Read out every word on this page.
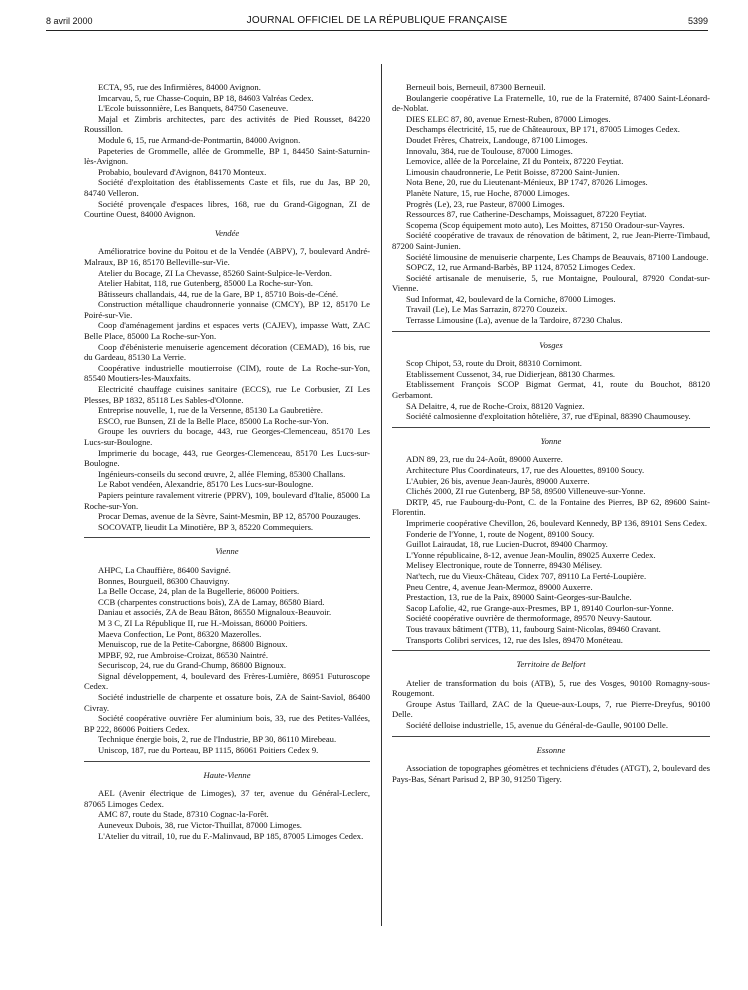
8 avril 2000	JOURNAL OFFICIEL DE LA RÉPUBLIQUE FRANÇAISE	5399

ECTA, 95, rue des Infirmières, 84000 Avignon.

Imcarvau, 5, rue Chasse-Coquin, BP 18, 84603 Valréas Cedex.

L'Ecole buissonnière, Les Banquets, 84750 Caseneuve.

Majal et Zimbris architectes, parc des activités de Pied Rousset, 84220 Roussillon.

Module 6, 15, rue Armand-de-Pontmartin, 84000 Avignon.

Papeteries de Grommelle, allée de Grommelle, BP 1, 84450 Saint-Saturnin-lès-Avignon.

Probabio, boulevard d'Avignon, 84170 Monteux.

Société d'exploitation des établissements Caste et fils, rue du Jas, BP 20, 84740 Velleron.

Société provençale d'espaces libres, 168, rue du Grand-Gigognan, ZI de Courtine Ouest, 84000 Avignon.

Vendée

Amélioratrice bovine du Poitou et de la Vendée (ABPV), 7, boulevard André-Malraux, BP 16, 85170 Belleville-sur-Vie.

Atelier du Bocage, ZI La Chevasse, 85260 Saint-Sulpice-le-Verdon.

Atelier Habitat, 118, rue Gutenberg, 85000 La Roche-sur-Yon.

Bâtisseurs challandais, 44, rue de la Gare, BP 1, 85710 Bois-de-Céné.

Construction métallique chaudronnerie yonnaise (CMCY), BP 12, 85170 Le Poiré-sur-Vie.

Coop d'aménagement jardins et espaces verts (CAJEV), impasse Watt, ZAC Belle Place, 85000 La Roche-sur-Yon.

Coop d'ébénisterie menuiserie agencement décoration (CEMAD), 16 bis, rue du Gardeau, 85130 La Verrie.

Coopérative industrielle moutierroise (CIM), route de La Roche-sur-Yon, 85540 Moutiers-les-Mauxfaits.

Electricité chauffage cuisines sanitaire (ECCS), rue Le Corbusier, ZI Les Plesses, BP 1832, 85118 Les Sables-d'Olonne.

Entreprise nouvelle, 1, rue de la Versenne, 85130 La Gaubretière.

ESCO, rue Bunsen, ZI de la Belle Place, 85000 La Roche-sur-Yon.

Groupe les ouvriers du bocage, 443, rue Georges-Clemenceau, 85170 Les Lucs-sur-Boulogne.

Imprimerie du bocage, 443, rue Georges-Clemenceau, 85170 Les Lucs-sur-Boulogne.

Ingénieurs-conseils du second œuvre, 2, allée Fleming, 85300 Challans.

Le Rabot vendéen, Alexandrie, 85170 Les Lucs-sur-Boulogne.

Papiers peinture ravalement vitrerie (PPRV), 109, boulevard d'Italie, 85000 La Roche-sur-Yon.

Procar Demas, avenue de la Sèvre, Saint-Mesmin, BP 12, 85700 Pouzauges.

SOCOVATP, lieudit La Minotière, BP 3, 85220 Commequiers.

Vienne

AHPC, La Chauffière, 86400 Savigné.

Bonnes, Bourgueil, 86300 Chauvigny.

La Belle Occase, 24, plan de la Bugellerie, 86000 Poitiers.

CCB (charpentes constructions bois), ZA de Lamay, 86580 Biard.

Daniau et associés, ZA de Beau Bâton, 86550 Mignaloux-Beauvoir.

M 3 C, ZI La République II, rue H.-Moissan, 86000 Poitiers.

Maeva Confection, Le Pont, 86320 Mazerolles.

Menuiscop, rue de la Petite-Caborgne, 86800 Bignoux.

MPBF, 92, rue Ambroise-Croizat, 86530 Naintré.

Securiscop, 24, rue du Grand-Chump, 86800 Bignoux.

Signal développement, 4, boulevard des Frères-Lumière, 86951 Futuroscope Cedex.

Société industrielle de charpente et ossature bois, ZA de Saint-Saviol, 86400 Civray.

Société coopérative ouvrière Fer aluminium bois, 33, rue des Petites-Vallées, BP 222, 86006 Poitiers Cedex.

Technique énergie bois, 2, rue de l'Industrie, BP 30, 86110 Mirebeau.

Uniscop, 187, rue du Porteau, BP 1115, 86061 Poitiers Cedex 9.

Haute-Vienne

AEL (Avenir électrique de Limoges), 37 ter, avenue du Général-Leclerc, 87065 Limoges Cedex.

AMC 87, route du Stade, 87310 Cognac-la-Forêt.

Auneveux Dubois, 38, rue Victor-Thuillat, 87000 Limoges.

L'Atelier du vitrail, 10, rue du F.-Malinvaud, BP 185, 87005 Limoges Cedex.

Berneuil bois, Berneuil, 87300 Berneuil.

Boulangerie coopérative La Fraternelle, 10, rue de la Fraternité, 87400 Saint-Léonard-de-Noblat.

DIES ELEC 87, 80, avenue Ernest-Ruben, 87000 Limoges.

Deschamps électricité, 15, rue de Châteauroux, BP 171, 87005 Limoges Cedex.

Doudet Frères, Chatreix, Landouge, 87100 Limoges.

Innovalu, 384, rue de Toulouse, 87000 Limoges.

Lemovice, allée de la Porcelaine, ZI du Ponteix, 87220 Feytiat.

Limousin chaudronnerie, Le Petit Boisse, 87200 Saint-Junien.

Nota Bene, 20, rue du Lieutenant-Ménieux, BP 1747, 87026 Limoges.

Planète Nature, 15, rue Hoche, 87000 Limoges.

Progrès (Le), 23, rue Pasteur, 87000 Limoges.

Ressources 87, rue Catherine-Deschamps, Moissaguet, 87220 Feytiat.

Scopema (Scop équipement moto auto), Les Moittes, 87150 Oradour-sur-Vayres.

Société coopérative de travaux de rénovation de bâtiment, 2, rue Jean-Pierre-Timbaud, 87200 Saint-Junien.

Société limousine de menuiserie charpente, Les Champs de Beauvais, 87100 Landouge.

SOPCZ, 12, rue Armand-Barbès, BP 1124, 87052 Limoges Cedex.

Société artisanale de menuiserie, 5, rue Montaigne, Pouloural, 87920 Condat-sur-Vienne.

Sud Informat, 42, boulevard de la Corniche, 87000 Limoges.

Travail (Le), Le Mas Sarrazin, 87270 Couzeix.

Terrasse Limousine (La), avenue de la Tardoire, 87230 Chalus.

Vosges

Scop Chipot, 53, route du Droit, 88310 Cornimont.

Etablissement Cussenot, 34, rue Didierjean, 88130 Charmes.

Etablissement François SCOP Bigmat Germat, 41, route du Bouchot, 88120 Gerbamont.

SA Delaitre, 4, rue de Roche-Croix, 88120 Vagniez.

Société calmosienne d'exploitation hôtelière, 37, rue d'Epinal, 88390 Chaumousey.

Yonne

ADN 89, 23, rue du 24-Août, 89000 Auxerre.

Architecture Plus Coordinateurs, 17, rue des Alouettes, 89100 Soucy.

L'Aubier, 26 bis, avenue Jean-Jaurès, 89000 Auxerre.

Clichés 2000, ZI rue Gutenberg, BP 58, 89500 Villeneuve-sur-Yonne.

DRTP, 45, rue Faubourg-du-Pont, C. de la Fontaine des Pierres, BP 62, 89600 Saint-Florentin.

Imprimerie coopérative Chevillon, 26, boulevard Kennedy, BP 136, 89101 Sens Cedex.

Fonderie de l'Yonne, 1, route de Nogent, 89100 Soucy.

Guillot Lairaudat, 18, rue Lucien-Ducrot, 89400 Charmoy.

L'Yonne républicaine, 8-12, avenue Jean-Moulin, 89025 Auxerre Cedex.

Melisey Electronique, route de Tonnerre, 89430 Mélisey.

Nat'tech, rue du Vieux-Château, Cidex 707, 89110 La Ferté-Loupière.

Pneu Centre, 4, avenue Jean-Mermoz, 89000 Auxerre.

Prestaction, 13, rue de la Paix, 89000 Saint-Georges-sur-Baulche.

Sacop Lafolie, 42, rue Grange-aux-Presmes, BP 1, 89140 Courlon-sur-Yonne.

Société coopérative ouvrière de thermoformage, 89570 Neuvy-Sautour.

Tous travaux bâtiment (TTB), 11, faubourg Saint-Nicolas, 89460 Cravant.

Transports Colibri services, 12, rue des Isles, 89470 Monéteau.

Territoire de Belfort

Atelier de transformation du bois (ATB), 5, rue des Vosges, 90100 Romagny-sous-Rougemont.

Groupe Astus Taillard, ZAC de la Queue-aux-Loups, 7, rue Pierre-Dreyfus, 90100 Delle.

Société delloise industrielle, 15, avenue du Général-de-Gaulle, 90100 Delle.

Essonne

Association de topographes géomètres et techniciens d'études (ATGT), 2, boulevard des Pays-Bas, Sénart Parisud 2, BP 30, 91250 Tigery.
